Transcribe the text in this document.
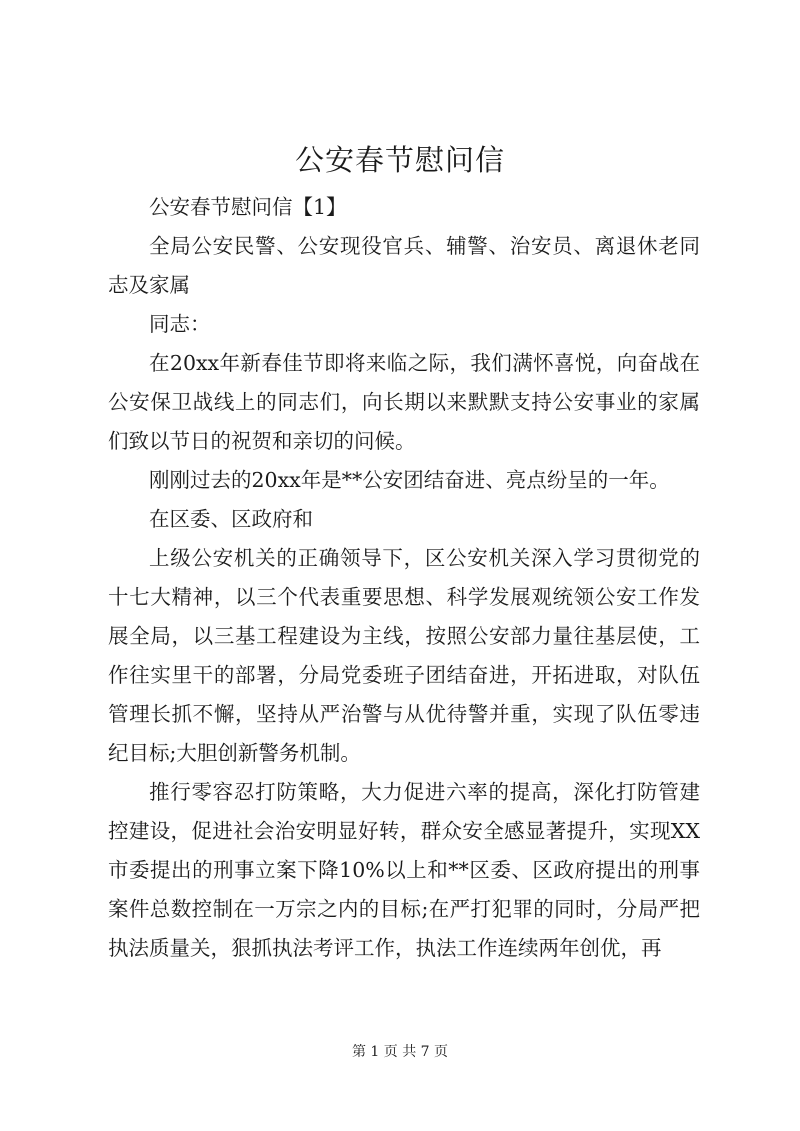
公安春节慰问信

公安春节慰问信【1】

全局公安民警、公安现役官兵、辅警、治安员、离退休老同志及家属

同志：

在20xx年新春佳节即将来临之际，我们满怀喜悦，向奋战在公安保卫战线上的同志们，向长期以来默默支持公安事业的家属们致以节日的祝贺和亲切的问候。

刚刚过去的20xx年是**公安团结奋进、亮点纷呈的一年。

在区委、区政府和

上级公安机关的正确领导下，区公安机关深入学习贯彻党的十七大精神，以三个代表重要思想、科学发展观统领公安工作发展全局，以三基工程建设为主线，按照公安部力量往基层使，工作往实里干的部署，分局党委班子团结奋进，开拓进取，对队伍管理长抓不懈，坚持从严治警与从优待警并重，实现了队伍零违纪目标;大胆创新警务机制。

推行零容忍打防策略，大力促进六率的提高，深化打防管建控建设，促进社会治安明显好转，群众安全感显著提升，实现XX市委提出的刑事立案下降10%以上和**区委、区政府提出的刑事案件总数控制在一万宗之内的目标;在严打犯罪的同时，分局严把执法质量关，狠抓执法考评工作，执法工作连续两年创优，再

第 1 页 共 7 页
